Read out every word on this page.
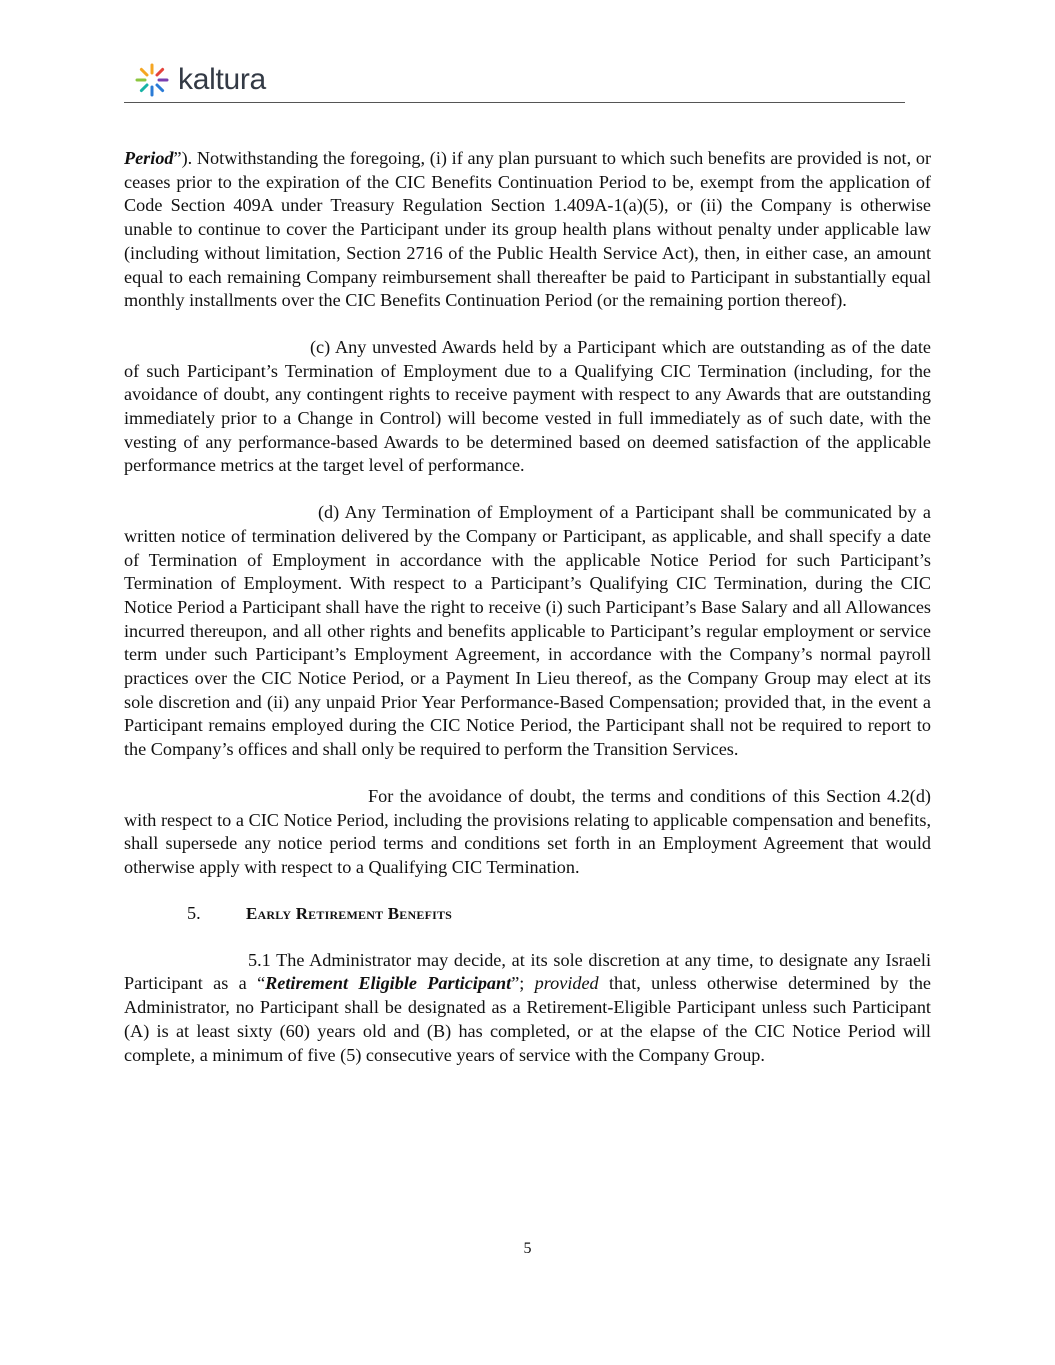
kaltura

Period”). Notwithstanding the foregoing, (i) if any plan pursuant to which such benefits are provided is not, or ceases prior to the expiration of the CIC Benefits Continuation Period to be, exempt from the application of Code Section 409A under Treasury Regulation Section 1.409A-1(a)(5), or (ii) the Company is otherwise unable to continue to cover the Participant under its group health plans without penalty under applicable law (including without limitation, Section 2716 of the Public Health Service Act), then, in either case, an amount equal to each remaining Company reimbursement shall thereafter be paid to Participant in substantially equal monthly installments over the CIC Benefits Continuation Period (or the remaining portion thereof).

(c) Any unvested Awards held by a Participant which are outstanding as of the date of such Participant’s Termination of Employment due to a Qualifying CIC Termination (including, for the avoidance of doubt, any contingent rights to receive payment with respect to any Awards that are outstanding immediately prior to a Change in Control) will become vested in full immediately as of such date, with the vesting of any performance-based Awards to be determined based on deemed satisfaction of the applicable performance metrics at the target level of performance.

(d) Any Termination of Employment of a Participant shall be communicated by a written notice of termination delivered by the Company or Participant, as applicable, and shall specify a date of Termination of Employment in accordance with the applicable Notice Period for such Participant’s Termination of Employment. With respect to a Participant’s Qualifying CIC Termination, during the CIC Notice Period a Participant shall have the right to receive (i) such Participant’s Base Salary and all Allowances incurred thereupon, and all other rights and benefits applicable to Participant’s regular employment or service term under such Participant’s Employment Agreement, in accordance with the Company’s normal payroll practices over the CIC Notice Period, or a Payment In Lieu thereof, as the Company Group may elect at its sole discretion and (ii) any unpaid Prior Year Performance-Based Compensation; provided that, in the event a Participant remains employed during the CIC Notice Period, the Participant shall not be required to report to the Company’s offices and shall only be required to perform the Transition Services.

For the avoidance of doubt, the terms and conditions of this Section 4.2(d) with respect to a CIC Notice Period, including the provisions relating to applicable compensation and benefits, shall supersede any notice period terms and conditions set forth in an Employment Agreement that would otherwise apply with respect to a Qualifying CIC Termination.

5.	Early Retirement Benefits

5.1 The Administrator may decide, at its sole discretion at any time, to designate any Israeli Participant as a “Retirement Eligible Participant”; provided that, unless otherwise determined by the Administrator, no Participant shall be designated as a Retirement-Eligible Participant unless such Participant (A) is at least sixty (60) years old and (B) has completed, or at the elapse of the CIC Notice Period will complete, a minimum of five (5) consecutive years of service with the Company Group.

5
